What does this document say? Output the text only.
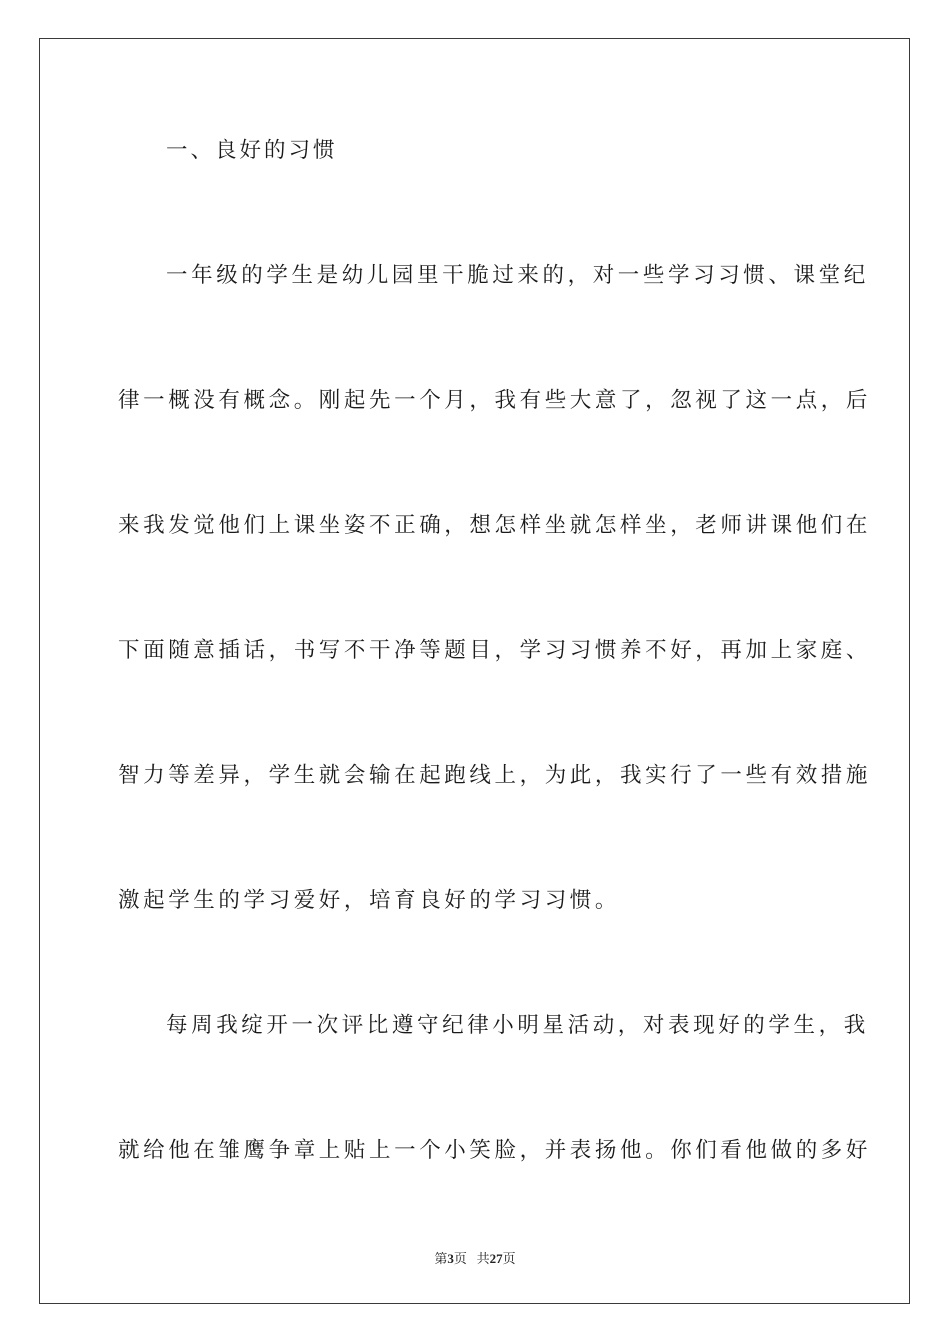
一、良好的习惯
一年级的学生是幼儿园里干脆过来的，对一些学习习惯、课堂纪
律一概没有概念。刚起先一个月，我有些大意了，忽视了这一点，后
来我发觉他们上课坐姿不正确，想怎样坐就怎样坐，老师讲课他们在
下面随意插话，书写不干净等题目，学习习惯养不好，再加上家庭、
智力等差异，学生就会输在起跑线上，为此，我实行了一些有效措施
激起学生的学习爱好，培育良好的学习习惯。
每周我绽开一次评比遵守纪律小明星活动，对表现好的学生，我
就给他在雏鹰争章上贴上一个小笑脸，并表扬他。你们看他做的多好
第3页 共27页
